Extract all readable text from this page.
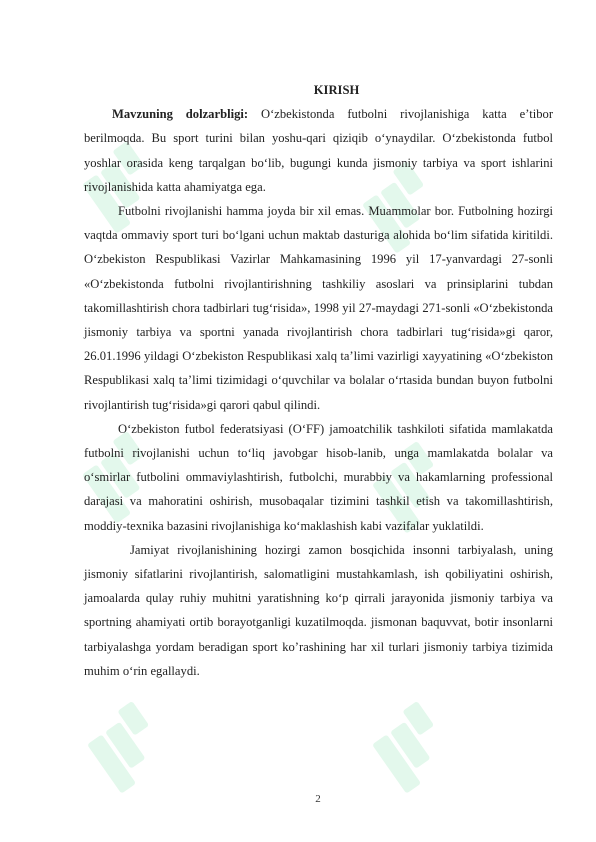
KIRISH

Mavzuning dolzarbligi: O‘zbekistonda futbolni rivojlanishiga katta e’tibor berilmoqda. Bu sport turini bilan yoshu-qari qiziqib o‘ynaydilar. O‘zbekistonda futbol yoshlar orasida keng tarqalgan bo‘lib, bugungi kunda jismoniy tarbiya va sport ishlarini rivojlanishida katta ahamiyatga ega.

Futbolni rivojlanishi hamma joyda bir xil emas. Muammolar bor. Futbolning hozirgi vaqtda ommaviy sport turi bo‘lgani uchun maktab dasturiga alohida bo‘lim sifatida kiritildi. O‘zbekiston Respublikasi Vazirlar Mahkamasining 1996 yil 17-yanvardagi 27-sonli «O‘zbekistonda futbolni rivojlantirishning tashkiliy asoslari va prinsiplarini tubdan takomillashtirish chora tadbirlari tug‘risida», 1998 yil 27-maydagi 271-sonli «O‘zbekistonda jismoniy tarbiya va sportni yanada rivojlantirish chora tadbirlari tug‘risida»gi qaror, 26.01.1996 yildagi O‘zbekiston Respublikasi xalq ta’limi vazirligi xayyatining «O‘zbekiston Respublikasi xalq ta’limi tizimidagi o‘quvchilar va bolalar o‘rtasida bundan buyon futbolni rivojlantirish tug‘risida»gi qarori qabul qilindi.

O‘zbekiston futbol federatsiyasi (O‘FF) jamoatchilik tashkiloti sifatida mamlakatda futbolni rivojlanishi uchun to‘liq javobgar hisob-lanib, unga mamlakatda bolalar va o‘smirlar futbolini ommaviylashtirish, futbolchi, murabbiy va hakamlarning professional darajasi va mahoratini oshirish, musobaqalar tizimini tashkil etish va takomillashtirish, moddiy-texnika bazasini rivojlanishiga ko‘maklashish kabi vazifalar yuklatildi.

Jamiyat rivojlanishining hozirgi zamon bosqichida insonni tarbiyalash, uning jismoniy sifatlarini rivojlantirish, salomatligini mustahkamlash, ish qobiliyatini oshirish, jamoalarda qulay ruhiy muhitni yaratishning ko‘p qirrali jarayonida jismoniy tarbiya va sportning ahamiyati ortib borayotganligi kuzatilmoqda. jismonan baquvvat, botir insonlarni tarbiyalashga yordam beradigan sport ko’rashining har xil turlari jismoniy tarbiya tizimida muhim o‘rin egallaydi.

2
